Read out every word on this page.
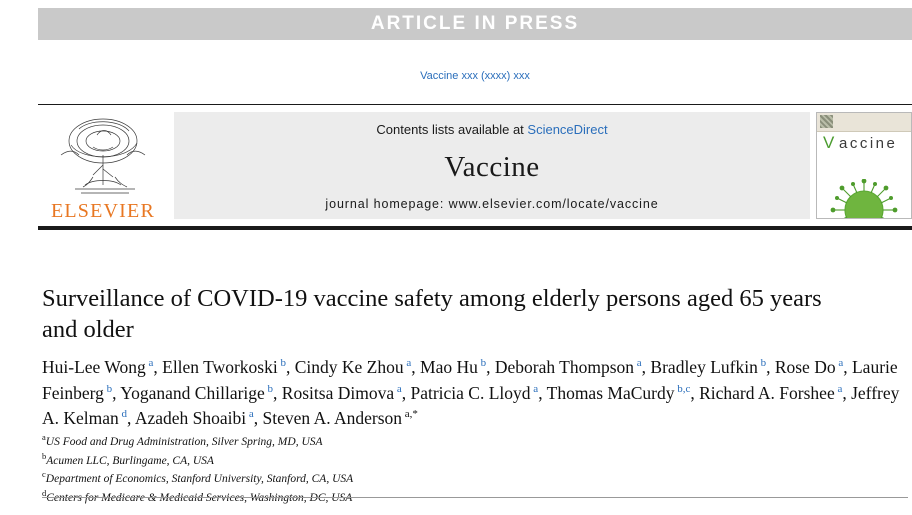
ARTICLE IN PRESS
Vaccine xxx (xxxx) xxx
ELSEVIER
Contents lists available at ScienceDirect
Vaccine
journal homepage: www.elsevier.com/locate/vaccine
V accine
Surveillance of COVID-19 vaccine safety among elderly persons aged 65 years and older
Hui-Lee Wong $^a$, Ellen Tworkoski $^b$, Cindy Ke Zhou $^a$, Mao Hu $^b$, Deborah Thompson $^a$, Bradley Lufkin $^b$, Rose Do $^a$, Laurie Feinberg $^b$, Yoganand Chillarige $^b$, Rositsa Dimova $^a$, Patricia C. Lloyd $^a$, Thomas MaCurdy $^{b,c}$, Richard A. Forshee $^a$, Jeffrey A. Kelman $^d$, Azadeh Shoaibi $^a$, Steven A. Anderson $^{a,*}$
$^a$US Food and Drug Administration, Silver Spring, MD, USA
$^b$Acumen LLC, Burlingame, CA, USA
$^c$Department of Economics, Stanford University, Stanford, CA, USA
$^d$Centers for Medicare & Medicaid Services, Washington, DC, USA
